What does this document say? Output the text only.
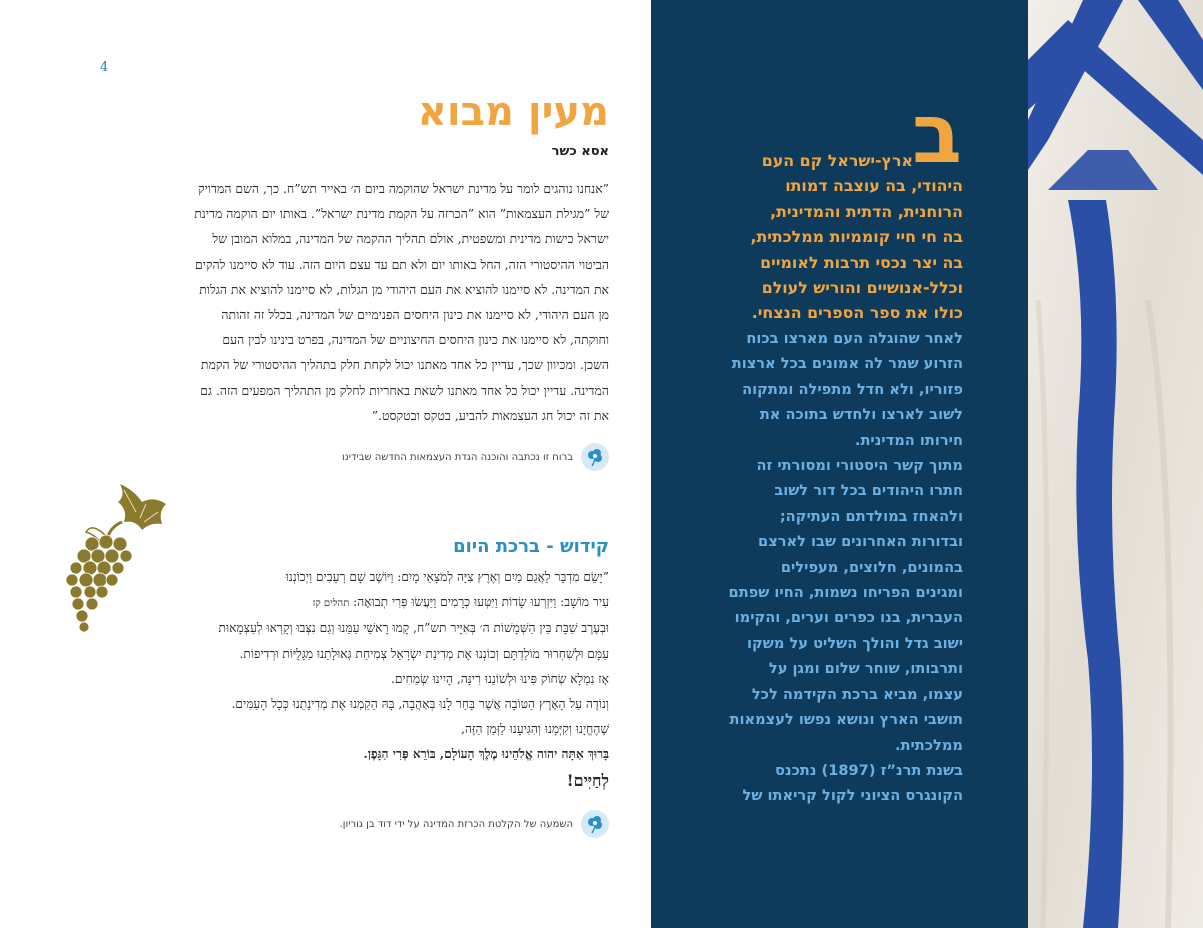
4
מעין מבוא
אסא כשר
”אנחנו נוהגים לומר על מדינת ישראל שהוקמה ביום ה׳ באייר תש”ח. כך, השם המדויק
של ”מגילת העצמאות” הוא ”הכרזה על הקמת מדינת ישראל”. באותו יום הוקמה מדינת
ישראל כישות מדינית ומשפטית, אולם תהליך ההקמה של המדינה, במלוא המובן של
הביטוי ההיסטורי הזה, החל באותו יום ולא תם עד עצם היום הזה. עוד לא סיימנו להקים
את המדינה. לא סיימנו להוציא את העם היהודי מן הגלות, לא סיימנו להוציא את הגלות
מן העם היהודי, לא סיימנו את כינון היחסים הפנימיים של המדינה, בכלל זה זהותה
וחוקתה, לא סיימנו את כינון היחסים החיצוניים של המדינה, בפרט בינינו לבין העם
השכן. ומכיוון שכך, עדיין כל אחד מאתנו יכול לקחת חלק בתהליך ההיסטורי של הקמת
המדינה. עדיין יכול כל אחד מאתנו לשאת באחריות לחלק מן התהליך המפעים הזה. גם
את זה יכול חג העצמאות להביע, בטקס ובטקסט.”
ברוח זו נכתבה והוכנה הגדת העצמאות החדשה שבידינו
קידוש - ברכת היום
”יָשֵׂם מִדְבָּר לַאֲגַם מַיִם וְאֶרֶץ צִיָּה לְמֹצָאֵי מָיִם: וַיּוֹשֶׁב שָׁם רְעֵבִים וַיְכוֹנְנוּ
עִיר מוֹשָׁב: וַיִּזְרְעוּ שָׂדוֹת וַיִּטְּעוּ כְרָמִים וַיַּעֲשׂוּ פְּרִי תְבוּאָה: תהלים קז
וּבְעֶרֶב שַׁבָּת בֵּין הַשְּׁמָשׁוֹת ה׳ בְּאִיָּיר תש”ח, קָמוּ רָאשֵׁי עַמֵּנוּ וְגַם נִצְּבוּ וְקָרְאוּ לְעַצְמָאוּת
עַמָּם וּלְשִׁחְרוּר מוֹלַדְתָּם וְכוֹנְנוּ אֶת מְדִינַת יִשְׂרָאֵל צְמִיחַת גְּאוּלָתֵנוּ מִגָּלֻיּוֹת וּרְדִיפוֹת.
אָז נִמְלָא שְׂחוֹק פִּינוּ וּלְשׁוֹנֵנוּ רִינָּה, הָיִינוּ שְׂמֵחִים.
וְנוֹדֶה עַל הָאָרֶץ הַטּוֹבָה אֲשֶׁר בָּחַר לָנוּ בְּאַהֲבָה, בָּהּ הֵקַמְנוּ אֶת מְדִינָתֵנוּ כְּכָל הָעַמִּים.
שֶׁהֶחֱיָנוּ וְקִיְּמָנוּ וְהִגִּיעָנוּ לַזְּמַן הַזֶּה,
בָּרוּךְ אַתָּה יהוה אֱלֹהֵינוּ מֶלֶךְ הָעוֹלָם, בּוֹרֵא פְּרִי הַגָּפֶן.
לְחַיִּים!
השמעה של הקלטת הכרזת המדינה על ידי דוד בן גוריון.
ב
ארץ-ישראל קם העם
היהודי, בה עוצבה דמותו
הרוחנית, הדתית והמדינית,
בה חי חיי קוממיות ממלכתית,
בה יצר נכסי תרבות לאומיים
וכלל-אנושיים והוריש לעולם
כולו את ספר הספרים הנצחי.
לאחר שהוגלה העם מארצו בכוח
הזרוע שמר לה אמונים בכל ארצות
פזוריו, ולא חדל מתפילה ומתקוה
לשוב לארצו ולחדש בתוכה את
חירותו המדינית.
מתוך קשר היסטורי ומסורתי זה
חתרו היהודים בכל דור לשוב
ולהאחז במולדתם העתיקה;
ובדורות האחרונים שבו לארצם
בהמונים, חלוצים, מעפילים
ומגינים הפריחו נשמות, החיו שפתם
העברית, בנו כפרים וערים, והקימו
ישוב גדל והולך השליט על משקו
ותרבותו, שוחר שלום ומגן על
עצמו, מביא ברכת הקידמה לכל
תושבי הארץ ונושא נפשו לעצמאות
ממלכתית.
בשנת תרנ”ז (1897) נתכנס
הקונגרס הציוני לקול קריאתו של
